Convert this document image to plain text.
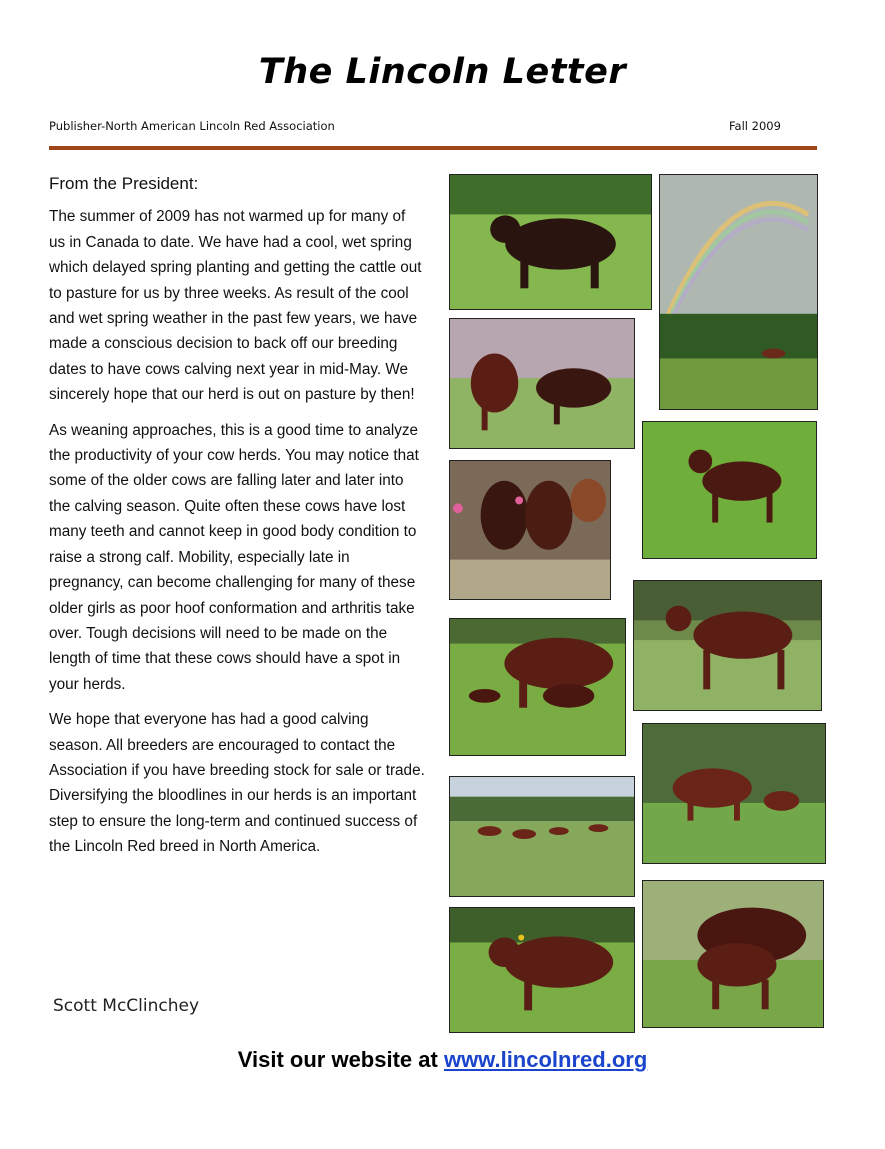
The Lincoln Letter
Publisher-North American Lincoln Red Association	Fall 2009
From the President:

The summer of 2009 has not warmed up for many of us in Canada to date. We have had a cool, wet spring which delayed spring planting and getting the cattle out to pasture for us by three weeks. As result of the cool and wet spring weather in the past few years, we have made a conscious decision to back off our breeding dates to have cows calving next year in mid-May. We sincerely hope that our herd is out on pasture by then!

As weaning approaches, this is a good time to analyze the productivity of your cow herds. You may notice that some of the older cows are falling later and later into the calving season. Quite often these cows have lost many teeth and cannot keep in good body condition to raise a strong calf. Mobility, especially late in pregnancy, can become challenging for many of these older girls as poor hoof conformation and arthritis take over. Tough decisions will need to be made on the length of time that these cows should have a spot in your herds.

We hope that everyone has had a good calving season. All breeders are encouraged to contact the Association if you have breeding stock for sale or trade. Diversifying the bloodlines in our herds is an important step to ensure the long-term and continued success of the Lincoln Red breed in North America.

Scott McClinchey
Visit our website at www.lincolnred.org
